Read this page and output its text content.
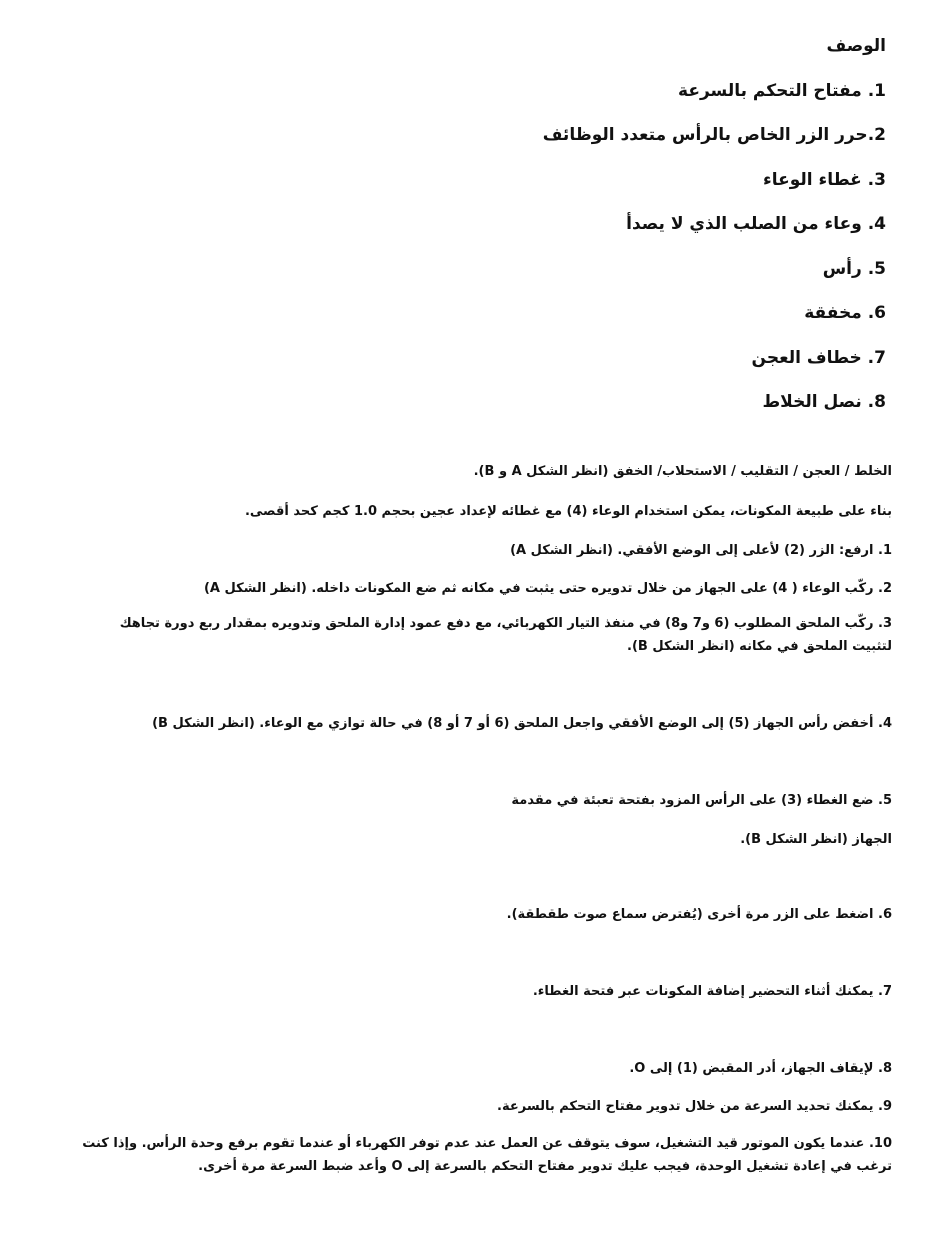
الوصف

1. مفتاح التحكم بالسرعة

2.حرر الزر الخاص بالرأس متعدد الوظائف

3. غطاء الوعاء

4. وعاء من الصلب الذي لا يصدأ

5. رأس

6. مخفقة

7. خطاف العجن

8. نصل الخلاط

الخلط / العجن / التقليب / الاستحلاب/ الخفق (انظر الشكل A و B).

بناء على طبيعة المكونات، يمكن استخدام الوعاء (4) مع غطائه لإعداد عجين بحجم 1.0 كجم كحد أقصى.

1. ارفع: الزر (2) لأعلى إلى الوضع الأفقي. (انظر الشكل A)

2. ركّب الوعاء ( 4) على الجهاز من خلال تدويره حتى يثبت في مكانه ثم ضع المكونات داخله. (انظر الشكل A)

3. ركّب الملحق المطلوب (6 و7 و8) في منفذ التيار الكهربائي، مع دفع عمود إدارة الملحق وتدويره بمقدار ربع دورة تجاهك لتثبيت الملحق في مكانه (انظر الشكل B).

4. أخفض رأس الجهاز (5) إلى الوضع الأفقي واجعل الملحق (6 أو 7 أو 8) في حالة توازي مع الوعاء. (انظر الشكل B)

5. ضع الغطاء (3) على الرأس المزود بفتحة تعبئة في مقدمة

الجهاز (انظر الشكل B).

6. اضغط على الزر مرة أخرى (يُفترض سماع صوت طقطقة).

7. يمكنك أثناء التحضير إضافة المكونات عبر فتحة الغطاء.

8. لإيقاف الجهاز، أدر المقبض (1) إلى O.

9. يمكنك تحديد السرعة من خلال تدوير مفتاح التحكم بالسرعة.

10. عندما يكون الموتور قيد التشغيل، سوف يتوقف عن العمل عند عدم توفر الكهرباء أو عندما تقوم برفع وحدة الرأس. وإذا كنت ترغب في إعادة تشغيل الوحدة، فيجب عليك تدوير مفتاح التحكم بالسرعة إلى O وأعد ضبط السرعة مرة أخرى.
